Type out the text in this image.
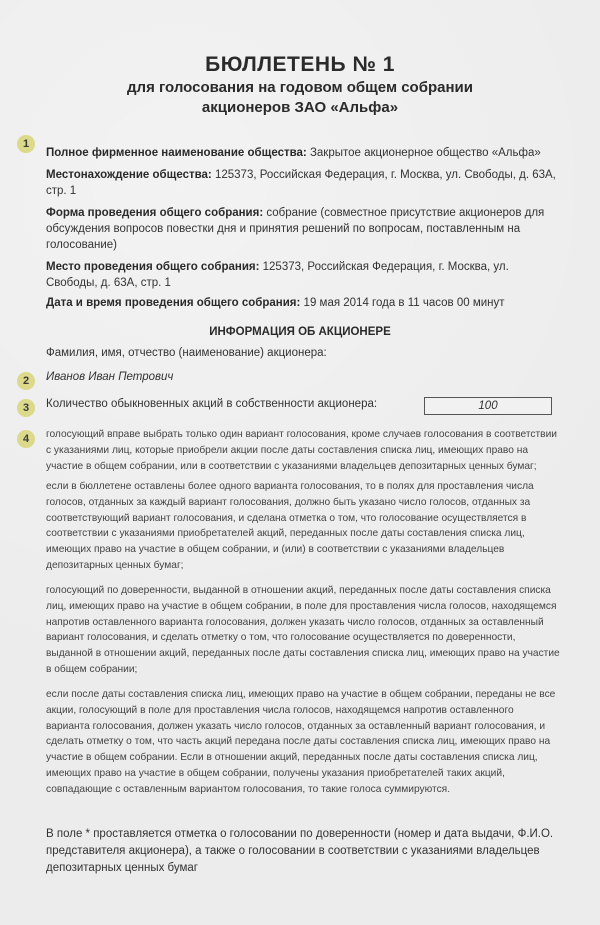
БЮЛЛЕТЕНЬ № 1

для голосования на годовом общем собрании

акционеров ЗАО «Альфа»

1
Полное фирменное наименование общества: Закрытое акционерное общество «Альфа»
Местонахождение общества: 125373, Российская Федерация, г. Москва, ул. Свободы, д. 63А, стр. 1
Форма проведения общего собрания: собрание (совместное присутствие акционеров для обсуждения вопросов повестки дня и принятия решений по вопросам, поставленным на голосование)
Место проведения общего собрания: 125373, Российская Федерация, г. Москва, ул. Свободы, д. 63А, стр. 1
Дата и время проведения общего собрания: 19 мая 2014 года в 11 часов 00 минут
ИНФОРМАЦИЯ ОБ АКЦИОНЕРЕ
Фамилия, имя, отчество (наименование) акционера:
2	Иванов Иван Петрович
3	Количество обыкновенных акций в собственности акционера:	100
4	голосующий вправе выбрать только один вариант голосования, кроме случаев голосования в соответствии с указаниями лиц, которые приобрели акции после даты составления списка лиц, имеющих право на участие в общем собрании, или в соответствии с указаниями владельцев депозитарных ценных бумаг;
если в бюллетене оставлены более одного варианта голосования, то в полях для проставления числа голосов, отданных за каждый вариант голосования, должно быть указано число голосов, отданных за соответствующий вариант голосования, и сделана отметка о том, что голосование осуществляется в соответствии с указаниями приобретателей акций, переданных после даты составления списка лиц, имеющих право на участие в общем собрании, и (или) в соответствии с указаниями владельцев депозитарных ценных бумаг;
голосующий по доверенности, выданной в отношении акций, переданных после даты составления списка лиц, имеющих право на участие в общем собрании, в поле для проставления числа голосов, находящемся напротив оставленного варианта голосования, должен указать число голосов, отданных за оставленный вариант голосования, и сделать отметку о том, что голосование осуществляется по доверенности, выданной в отношении акций, переданных после даты составления списка лиц, имеющих право на участие в общем собрании;
если после даты составления списка лиц, имеющих право на участие в общем собрании, переданы не все акции, голосующий в поле для проставления числа голосов, находящемся напротив оставленного варианта голосования, должен указать число голосов, отданных за оставленный вариант голосования, и сделать отметку о том, что часть акций передана после даты составления списка лиц, имеющих право на участие в общем собрании. Если в отношении акций, переданных после даты составления списка лиц, имеющих право на участие в общем собрании, получены указания приобретателей таких акций, совпадающие с оставленным вариантом голосования, то такие голоса суммируются.
В поле * проставляется отметка о голосовании по доверенности (номер и дата выдачи, Ф.И.О. представителя акционера), а также о голосовании в соответствии с указаниями владельцев депозитарных ценных бумаг
